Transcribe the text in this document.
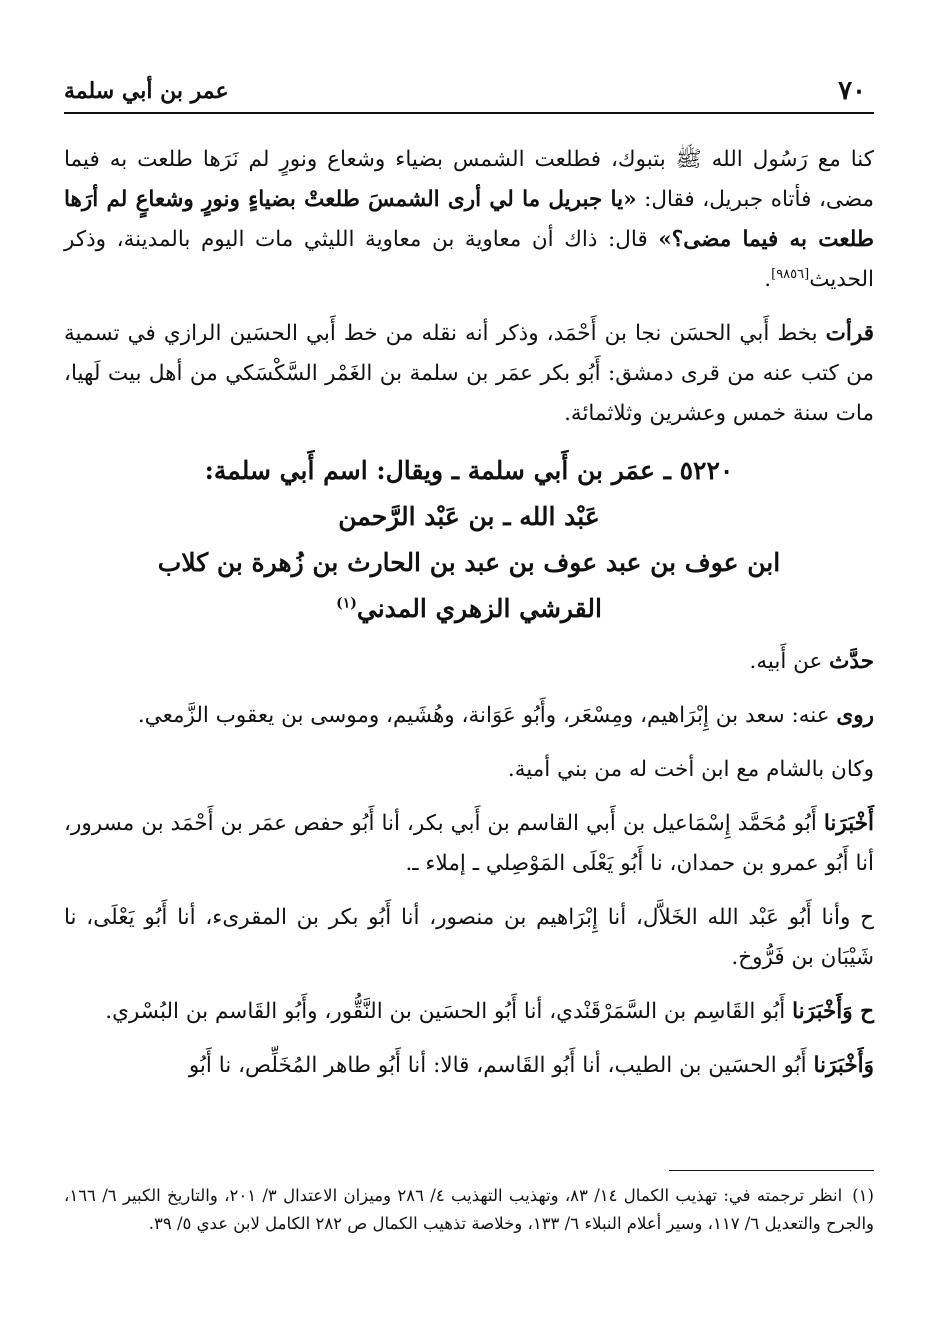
٧٠
عمر بن أبي سلمة

كنا مع رَسُول الله ﷺ بتبوك، فطلعت الشمس بضياء وشعاع ونورٍ لم نَرَها طلعت به فيما مضى، فأتاه جبريل، فقال: «يا جبريل ما لي أرى الشمسَ طلعتْ بضياءٍ ونورٍ وشعاعٍ لم أرَها طلعت به فيما مضى؟» قال: ذاك أن معاوية بن معاوية الليثي مات اليوم بالمدينة، وذكر الحديث[٩٨٥٦].

قرأت بخط أَبي الحسَن نجا بن أَحْمَد، وذكر أنه نقله من خط أَبي الحسَين الرازي في تسمية من كتب عنه من قرى دمشق: أَبُو بكر عمَر بن سلمة بن الغَمْر السَّكْسَكي من أهل بيت لَهيا، مات سنة خمس وعشرين وثلاثمائة.

٥٢٢٠ ـ عمَر بن أَبي سلمة ـ ويقال: اسم أَبي سلمة:
عَبْد الله ـ بن عَبْد الرَّحمن
ابن عوف بن عبد عوف بن عبد بن الحارث بن زُهرة بن كلاب
القرشي الزهري المدني$^{(١)}$

حدَّث عن أَبيه.

روى عنه: سعد بن إِبْرَاهيم، ومِسْعَر، وأَبُو عَوَانة، وهُشَيم، وموسى بن يعقوب الزَّمعي.

وكان بالشام مع ابن أخت له من بني أمية.

أَخْبَرَنا أَبُو مُحَمَّد إِسْمَاعيل بن أَبي القاسم بن أَبي بكر، أنا أَبُو حفص عمَر بن أَحْمَد بن مسرور، أنا أَبُو عمرو بن حمدان، نا أَبُو يَعْلَى المَوْصِلي ـ إملاء ـ.

ح وأنا أَبُو عَبْد الله الخَلاَّل، أنا إِبْرَاهيم بن منصور، أنا أَبُو بكر بن المقرىء، أنا أَبُو يَعْلَى، نا شَيْبَان بن فَرُّوخ.

ح وَأَخْبَرَنا أَبُو القَاسِم بن السَّمَرْقَنْدي، أنا أَبُو الحسَين بن النَّقُّور، وأَبُو القَاسم بن البُسْري.

وَأَخْبَرَنا أَبُو الحسَين بن الطيب، أنا أَبُو القَاسم، قالا: أنا أَبُو طاهر المُخَلِّص، نا أَبُو

(١)انظر ترجمته في: تهذيب الكمال ١٤/ ٨٣، وتهذيب التهذيب ٤/ ٢٨٦ وميزان الاعتدال ٣/ ٢٠١، والتاريخ الكبير ٦/ ١٦٦، والجرح والتعديل ٦/ ١١٧، وسير أعلام النبلاء ٦/ ١٣٣، وخلاصة تذهيب الكمال ص ٢٨٢ الكامل لابن عدي ٥/ ٣٩.
